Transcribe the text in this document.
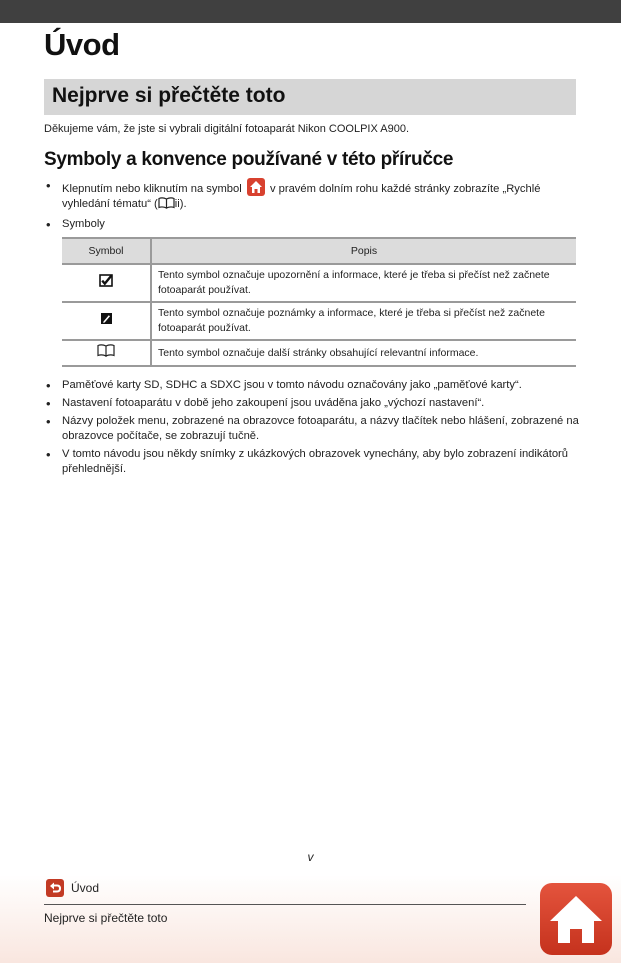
Úvod
Nejprve si přečtěte toto
Děkujeme vám, že jste si vybrali digitální fotoaparát Nikon COOLPIX A900.
Symboly a konvence používané v této příručce
• Klepnutím nebo kliknutím na symbol	v pravém dolním rohu každé stránky zobrazíte „Rychlé vyhledání tématu“ ( ii).
• Symboly
Symbol	Popis
	Tento symbol označuje upozornění a informace, které je třeba si přečíst než začnete fotoaparát používat.
	Tento symbol označuje poznámky a informace, které je třeba si přečíst než začnete fotoaparát používat.
	Tento symbol označuje další stránky obsahující relevantní informace.
• Paměťové karty SD, SDHC a SDXC jsou v tomto návodu označovány jako „paměťové karty“.
• Nastavení fotoaparátu v době jeho zakoupení jsou uváděna jako „výchozí nastavení“.
• Názvy položek menu, zobrazené na obrazovce fotoaparátu, a názvy tlačítek nebo hlášení, zobrazené na obrazovce počítače, se zobrazují tučně.
• V tomto návodu jsou někdy snímky z ukázkových obrazovek vynechány, aby bylo zobrazení indikátorů přehlednější.
v
Úvod
Nejprve si přečtěte toto
